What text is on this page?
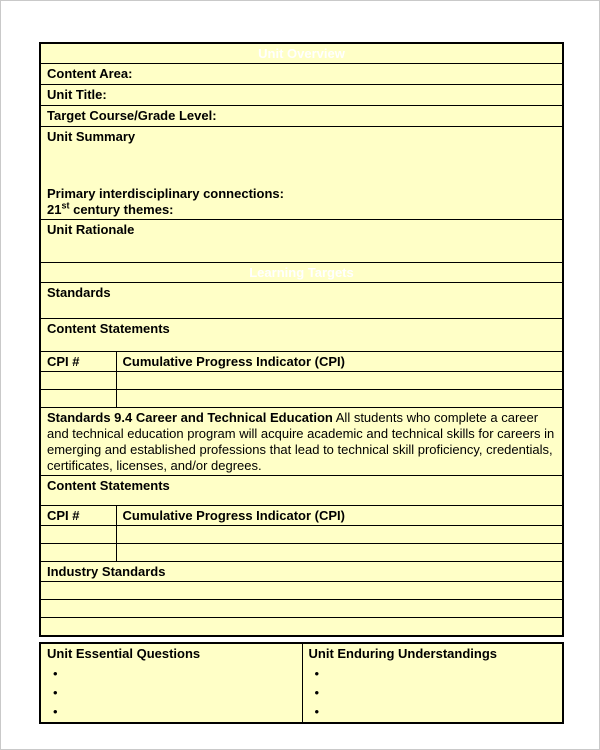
Unit Overview	
Content Area:	
Unit Title:	
Target Course/Grade Level:	

Unit Summary
Primary interdisciplinary connections:
21st century themes:	

Unit Rationale	
Learning Targets	
Standards	
Content Statements	
CPI #	Cumulative Progress Indicator (CPI)

Standards 9.4 Career and Technical Education All students who complete a career and technical education program will acquire academic and technical skills for careers in emerging and established professions that lead to technical skill proficiency, credentials, certificates, licenses, and/or degrees.	
Content Statements	
CPI #	Cumulative Progress Indicator (CPI)

Industry Standards	

Unit Essential Questions
•
•
•

Unit Enduring Understandings
•
•
•
